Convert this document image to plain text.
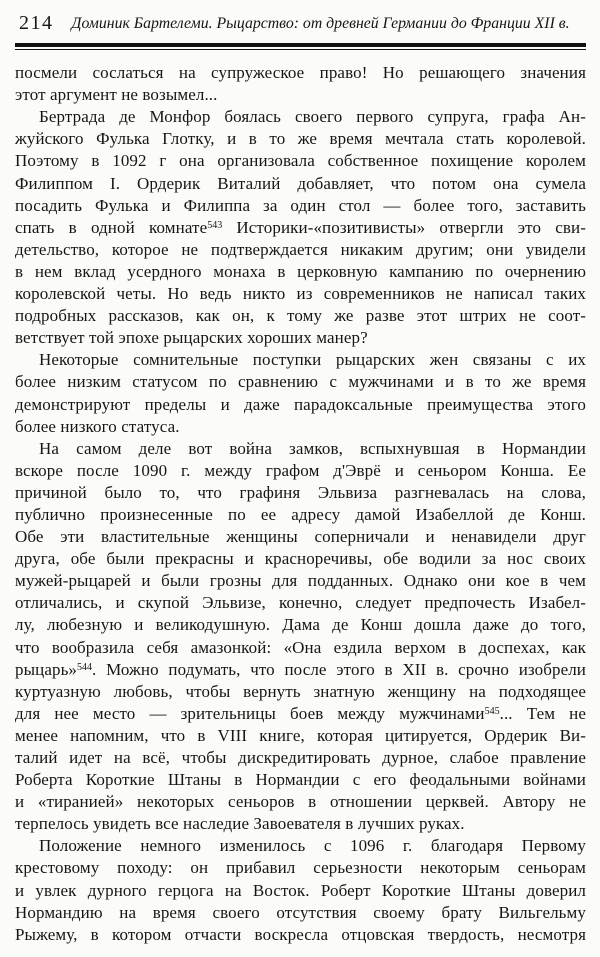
214	Доминик Бартелеми. Рыцарство: от древней Германии до Франции XII в.
посмели сослаться на супружеское право! Но решающего значения
этот аргумент не возымел...
Бертрада де Монфор боялась своего первого супруга, графа Ан-
жуйского Фулька Глотку, и в то же время мечтала стать королевой.
Поэтому в 1092 г она организовала собственное похищение королем
Филиппом I. Ордерик Виталий добавляет, что потом она сумела
посадить Фулька и Филиппа за один стол — более того, заставить
спать в одной комнате$^{543}$ Историки-«позитивисты» отвергли это сви-
детельство, которое не подтверждается никаким другим; они увидели
в нем вклад усердного монаха в церковную кампанию по очернению
королевской четы. Но ведь никто из современников не написал таких
подробных рассказов, как он, к тому же разве этот штрих не соот-
ветствует той эпохе рыцарских хороших манер?
Некоторые сомнительные поступки рыцарских жен связаны с их
более низким статусом по сравнению с мужчинами и в то же время
демонстрируют пределы и даже парадоксальные преимущества этого
более низкого статуса.
На самом деле вот война замков, вспыхнувшая в Нормандии
вскоре после 1090 г. между графом д'Эврё и сеньором Конша. Ее
причиной было то, что графиня Эльвиза разгневалась на слова,
публично произнесенные по ее адресу дамой Изабеллой де Конш.
Обе эти властительные женщины соперничали и ненавидели друг
друга, обе были прекрасны и красноречивы, обе водили за нос своих
мужей-рыцарей и были грозны для подданных. Однако они кое в чем
отличались, и скупой Эльвизе, конечно, следует предпочесть Изабел-
лу, любезную и великодушную. Дама де Конш дошла даже до того,
что вообразила себя амазонкой: «Она ездила верхом в доспехах, как
рыцарь»$^{544}$. Можно подумать, что после этого в XII в. срочно изобрели
куртуазную любовь, чтобы вернуть знатную женщину на подходящее
для нее место — зрительницы боев между мужчинами$^{545}$... Тем не
менее напомним, что в VIII книге, которая цитируется, Ордерик Ви-
талий идет на всё, чтобы дискредитировать дурное, слабое правление
Роберта Короткие Штаны в Нормандии с его феодальными войнами
и «тиранией» некоторых сеньоров в отношении церквей. Автору не
терпелось увидеть все наследие Завоевателя в лучших руках.
Положение немного изменилось с 1096 г. благодаря Первому
крестовому походу: он прибавил серьезности некоторым сеньорам
и увлек дурного герцога на Восток. Роберт Короткие Штаны доверил
Нормандию на время своего отсутствия своему брату Вильгельму
Рыжему, в котором отчасти воскресла отцовская твердость, несмотря
